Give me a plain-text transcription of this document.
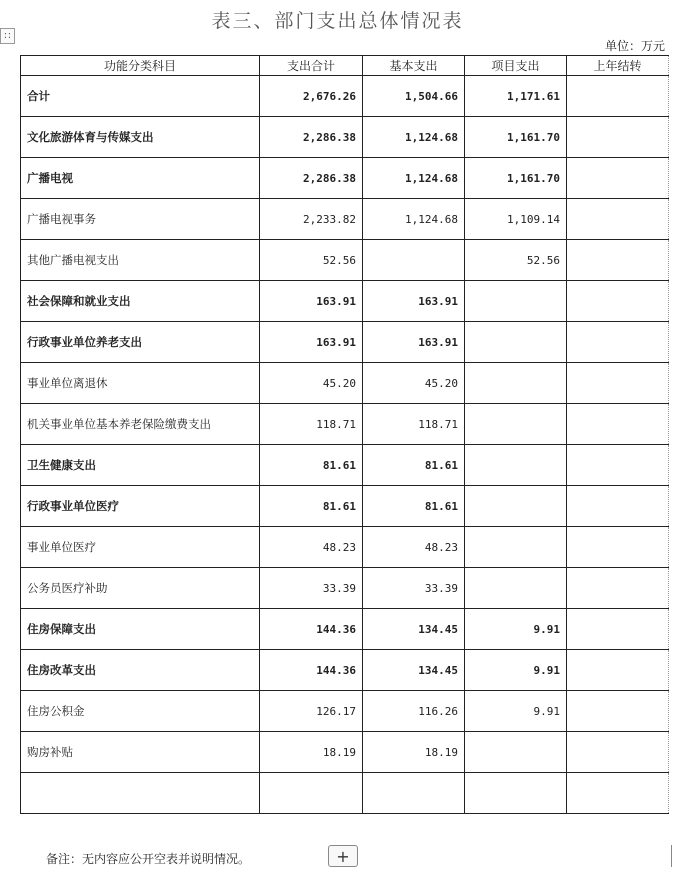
表三、部门支出总体情况表
∷
单位：万元
功能分类科目	支出合计	基本支出	项目支出	上年结转
合计	2,676.26	1,504.66	1,171.61	
文化旅游体育与传媒支出	2,286.38	1,124.68	1,161.70	
广播电视	2,286.38	1,124.68	1,161.70	
广播电视事务	2,233.82	1,124.68	1,109.14	
其他广播电视支出	52.56		52.56	
社会保障和就业支出	163.91	163.91		
行政事业单位养老支出	163.91	163.91		
事业单位离退休	45.20	45.20		
机关事业单位基本养老保险缴费支出	118.71	118.71		
卫生健康支出	81.61	81.61		
行政事业单位医疗	81.61	81.61		
事业单位医疗	48.23	48.23		
公务员医疗补助	33.39	33.39		
住房保障支出	144.36	134.45	9.91	
住房改革支出	144.36	134.45	9.91	
住房公积金	126.17	116.26	9.91	
购房补贴	18.19	18.19		

备注：无内容应公开空表并说明情况。	+
